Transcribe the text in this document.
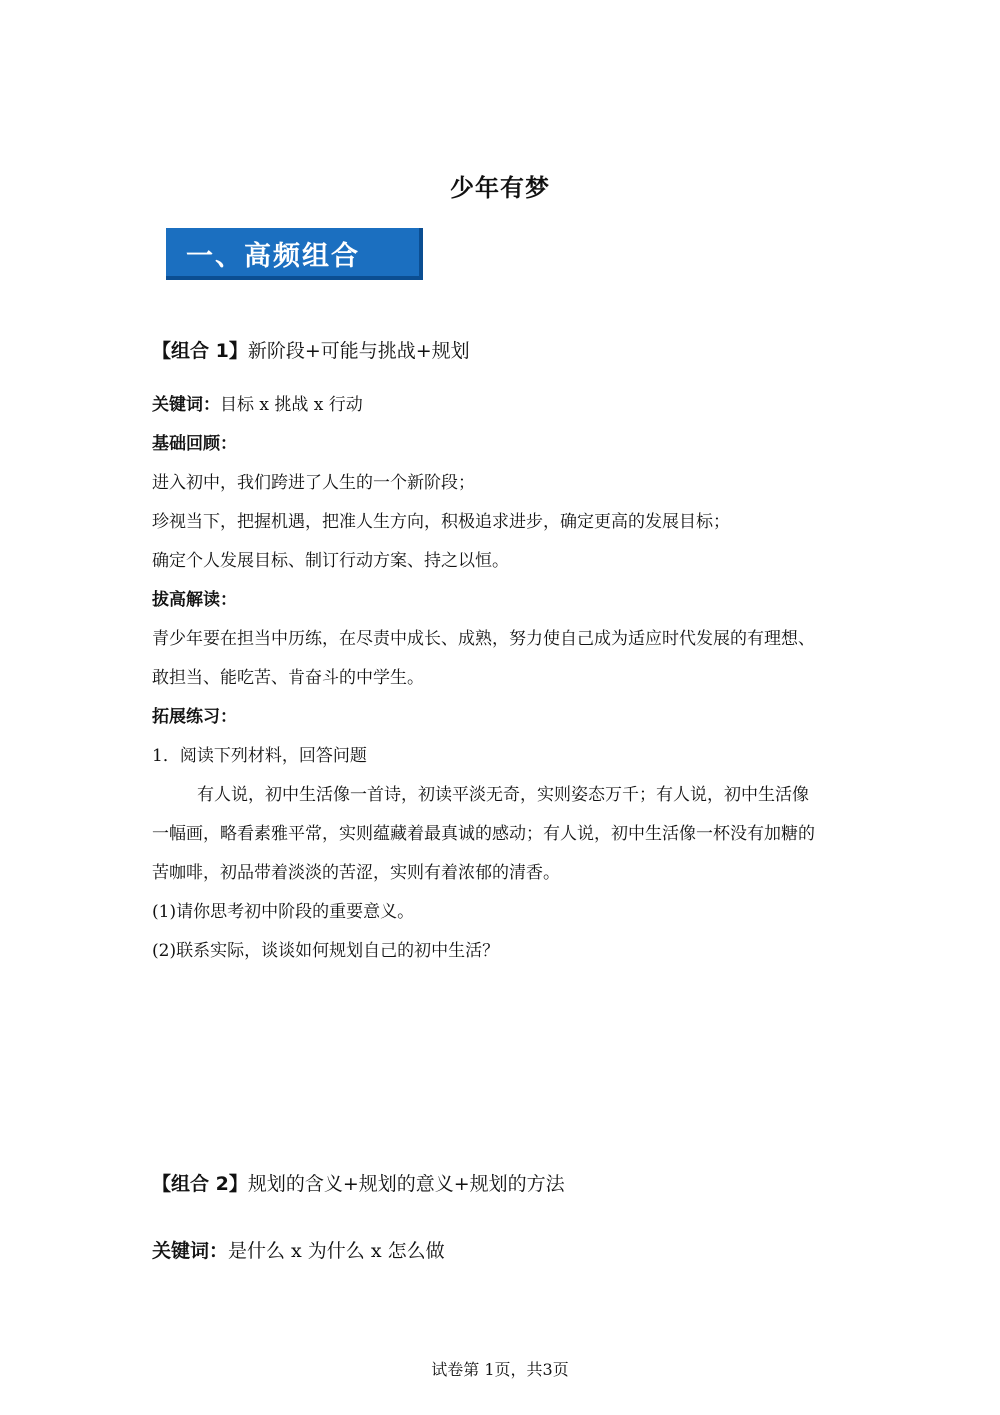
少年有梦
一、高频组合
【组合 1】新阶段+可能与挑战+规划
关键词：目标 x 挑战 x 行动
基础回顾：
进入初中，我们跨进了人生的一个新阶段；
珍视当下，把握机遇，把准人生方向，积极追求进步，确定更高的发展目标；
确定个人发展目标、制订行动方案、持之以恒。
拔高解读：
青少年要在担当中历练，在尽责中成长、成熟，努力使自己成为适应时代发展的有理想、
敢担当、能吃苦、肯奋斗的中学生。
拓展练习：
1．阅读下列材料，回答问题
有人说，初中生活像一首诗，初读平淡无奇，实则姿态万千；有人说，初中生活像
一幅画，略看素雅平常，实则蕴藏着最真诚的感动；有人说，初中生活像一杯没有加糖的
苦咖啡，初品带着淡淡的苦涩，实则有着浓郁的清香。
(1)请你思考初中阶段的重要意义。
(2)联系实际，谈谈如何规划自己的初中生活？
【组合 2】规划的含义+规划的意义+规划的方法
关键词：是什么 x 为什么 x 怎么做
试卷第 1页，共3页
